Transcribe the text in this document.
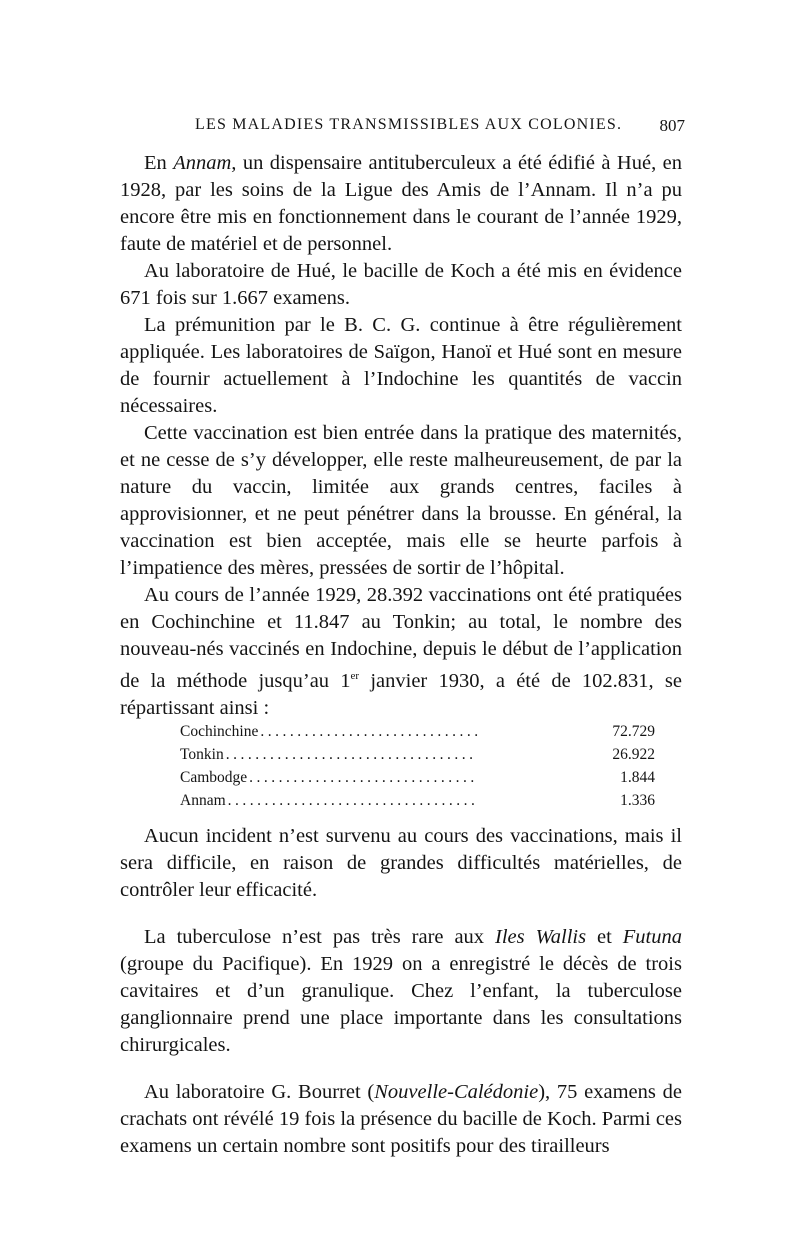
LES MALADIES TRANSMISSIBLES AUX COLONIES. 807

En Annam, un dispensaire antituberculeux a été édifié à Hué, en 1928, par les soins de la Ligue des Amis de l’Annam. Il n’a pu encore être mis en fonctionnement dans le courant de l’année 1929, faute de matériel et de personnel.

Au laboratoire de Hué, le bacille de Koch a été mis en évidence 671 fois sur 1.667 examens.

La prémunition par le B. C. G. continue à être régulièrement appliquée. Les laboratoires de Saïgon, Hanoï et Hué sont en mesure de fournir actuellement à l’Indochine les quantités de vaccin nécessaires.

Cette vaccination est bien entrée dans la pratique des maternités, et ne cesse de s’y développer, elle reste malheureusement, de par la nature du vaccin, limitée aux grands centres, faciles à approvisionner, et ne peut pénétrer dans la brousse. En général, la vaccination est bien acceptée, mais elle se heurte parfois à l’impatience des mères, pressées de sortir de l’hôpital.

Au cours de l’année 1929, 28.392 vaccinations ont été pratiquées en Cochinchine et 11.847 au Tonkin; au total, le nombre des nouveau-nés vaccinés en Indochine, depuis le début de l’application de la méthode jusqu’au 1er janvier 1930, a été de 102.831, se répartissant ainsi :

Cochinchine ..............................	72.729
Tonkin ..................................	26.922
Cambodge ...............................	1.844
Annam ..................................	1.336

Aucun incident n’est survenu au cours des vaccinations, mais il sera difficile, en raison de grandes difficultés matérielles, de contrôler leur efficacité.

La tuberculose n’est pas très rare aux Iles Wallis et Futuna (groupe du Pacifique). En 1929 on a enregistré le décès de trois cavitaires et d’un granulique. Chez l’enfant, la tuberculose ganglionnaire prend une place importante dans les consultations chirurgicales.

Au laboratoire G. Bourret (Nouvelle-Calédonie), 75 examens de crachats ont révélé 19 fois la présence du bacille de Koch. Parmi ces examens un certain nombre sont positifs pour des tirailleurs
